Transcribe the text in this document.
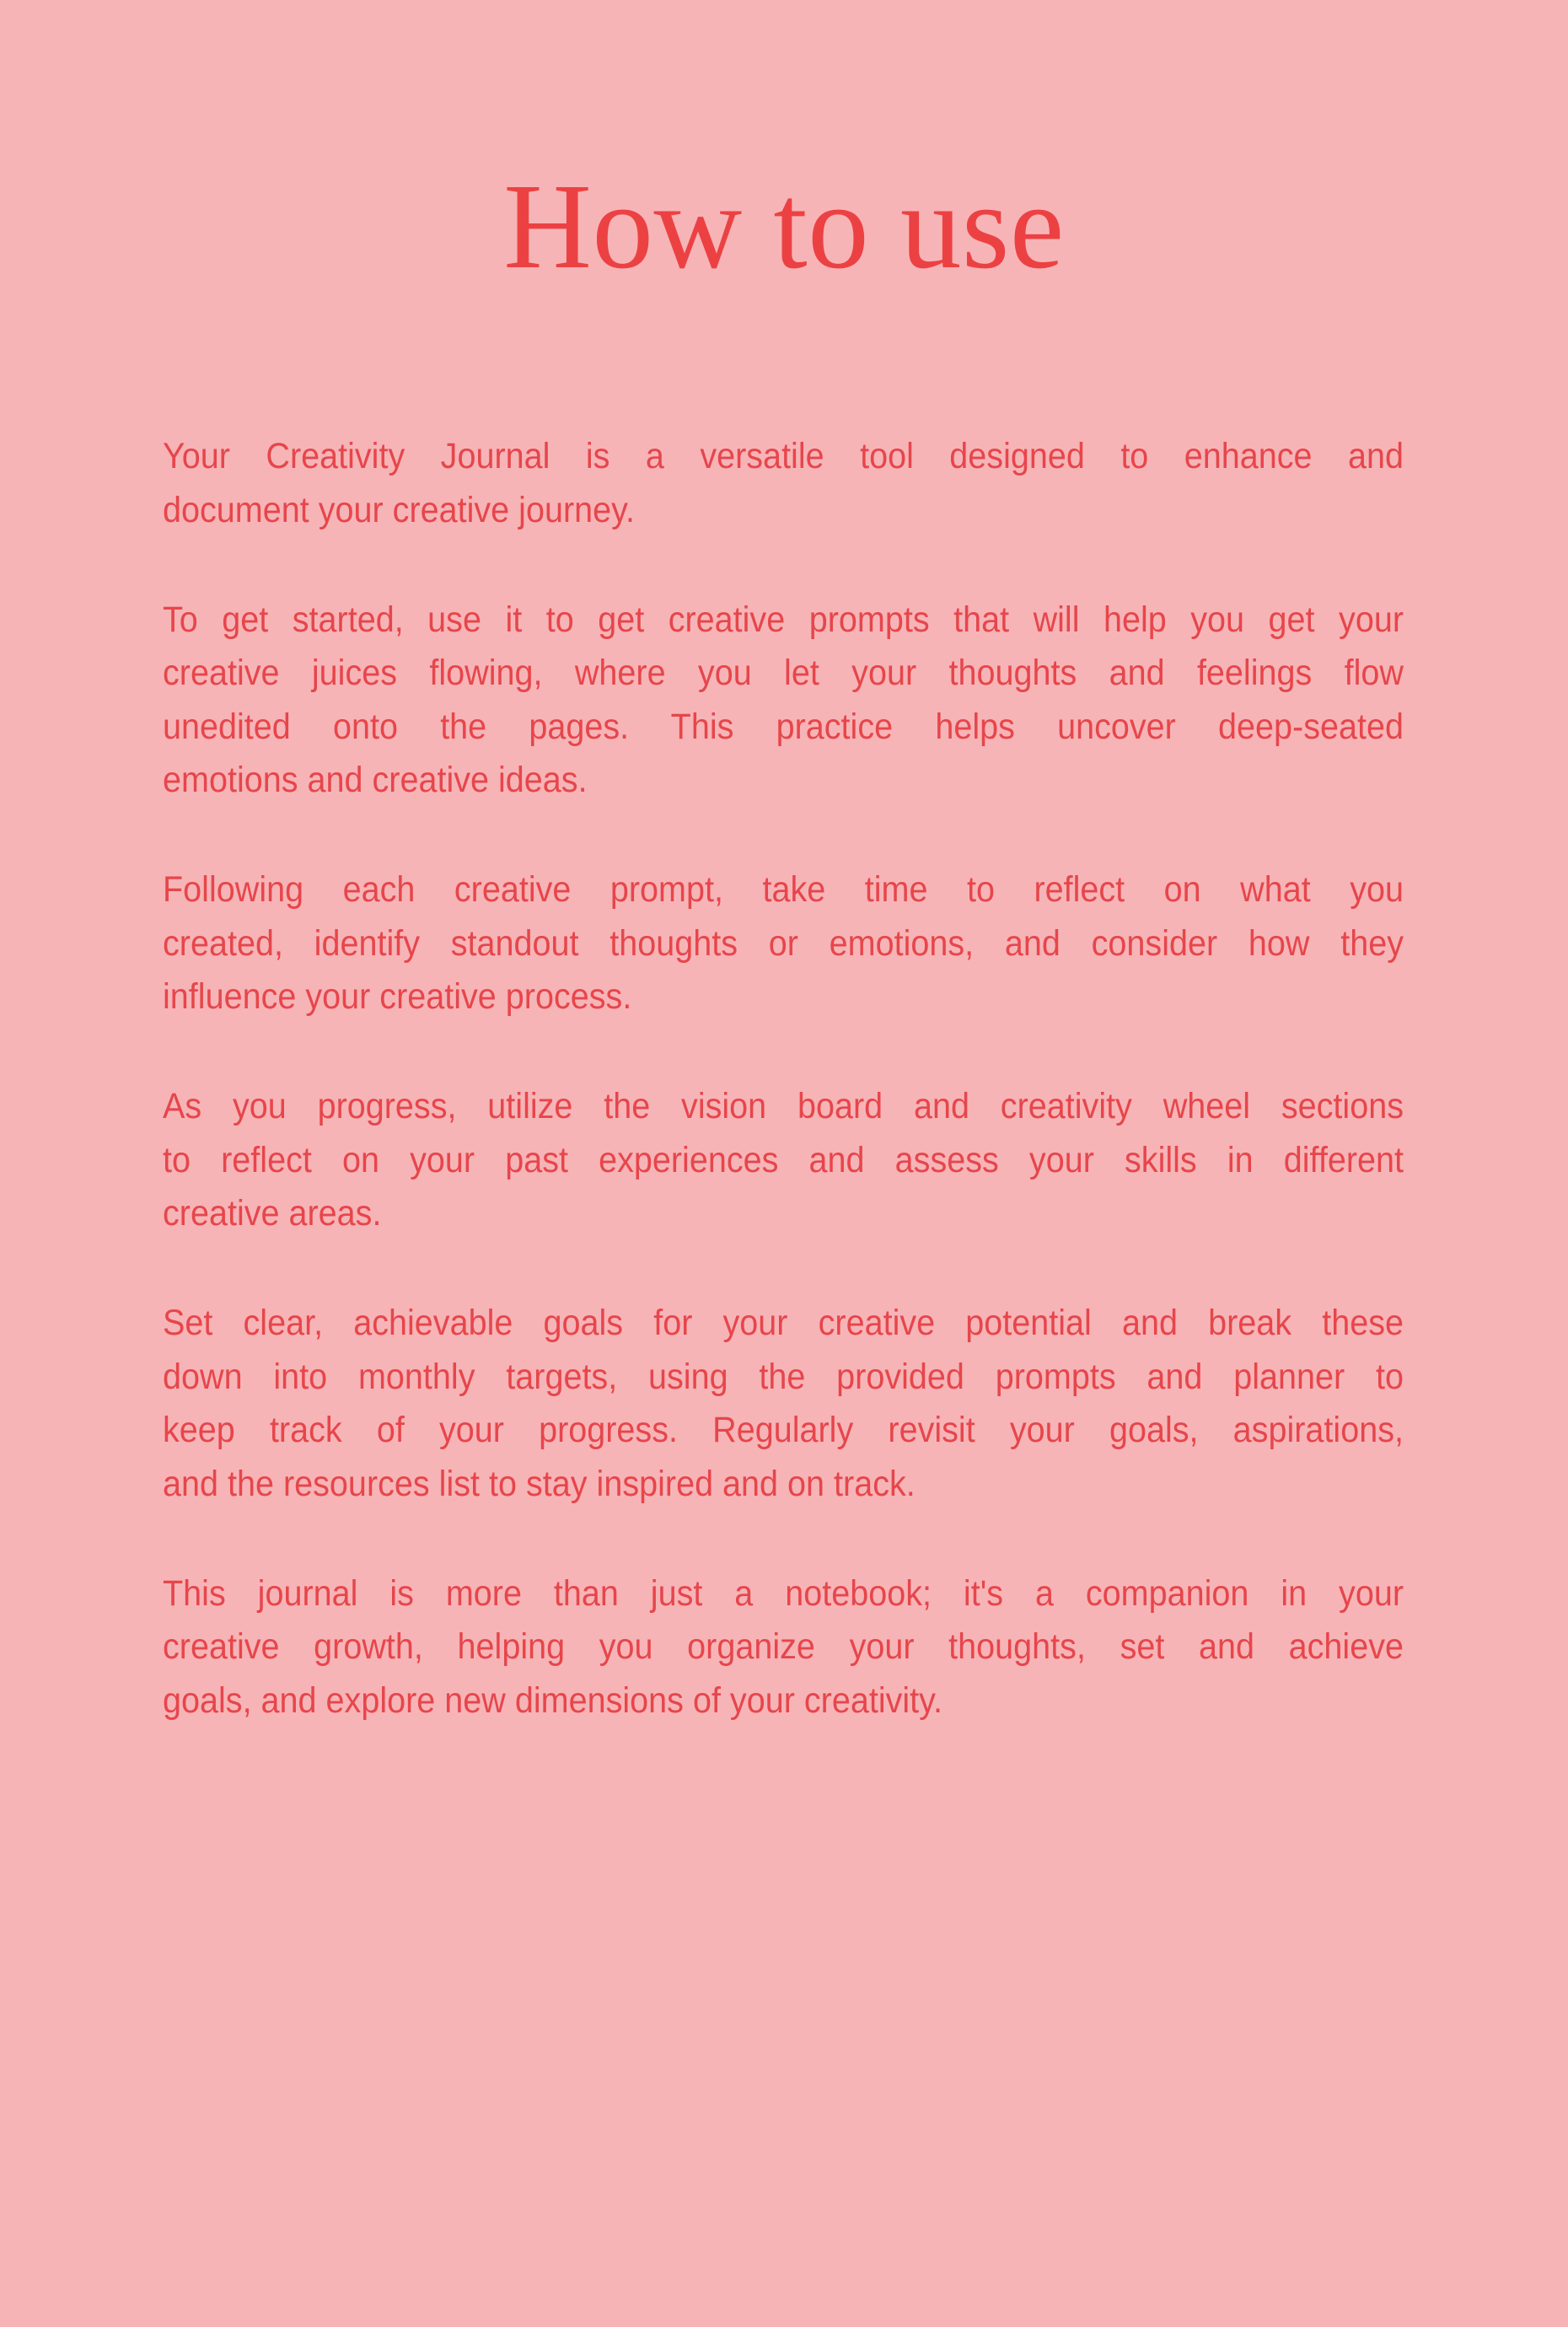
How to use

Your Creativity Journal is a versatile tool designed to enhance and
document your creative journey.

To get started, use it to get creative prompts that will help you get your
creative juices flowing, where you let your thoughts and feelings flow
unedited onto the pages. This practice helps uncover deep-seated
emotions and creative ideas.

Following each creative prompt, take time to reflect on what you
created, identify standout thoughts or emotions, and consider how they
influence your creative process.

As you progress, utilize the vision board and creativity wheel sections
to reflect on your past experiences and assess your skills in different
creative areas.

Set clear, achievable goals for your creative potential and break these
down into monthly targets, using the provided prompts and planner to
keep track of your progress. Regularly revisit your goals, aspirations,
and the resources list to stay inspired and on track.

This journal is more than just a notebook; it's a companion in your
creative growth, helping you organize your thoughts, set and achieve
goals, and explore new dimensions of your creativity.
